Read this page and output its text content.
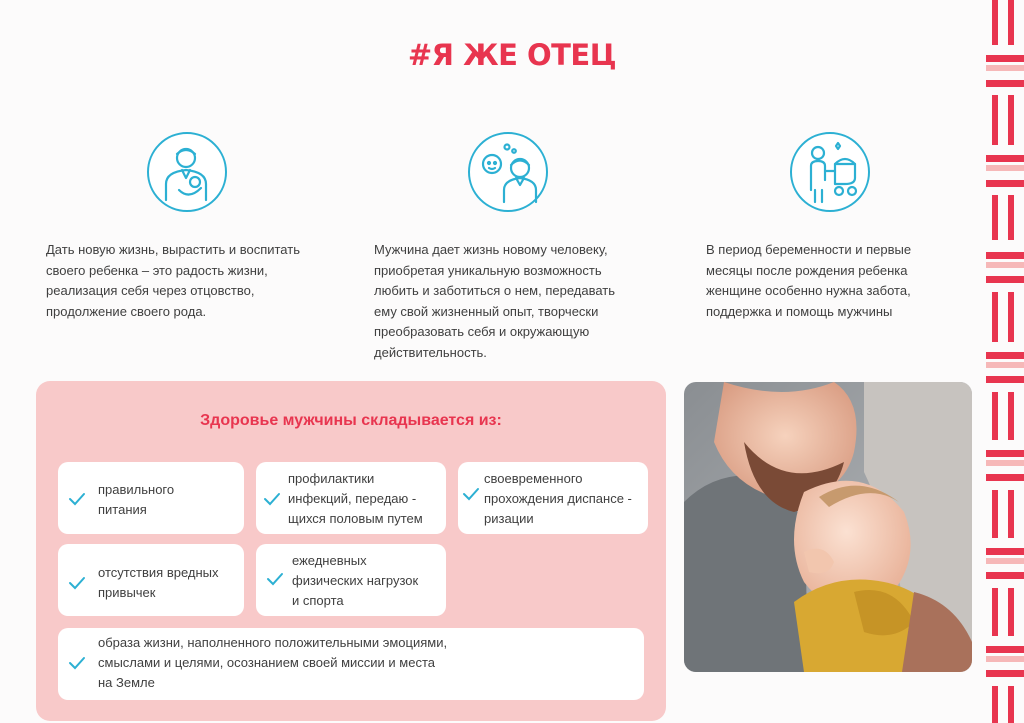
#Я ЖЕ ОТЕЦ
Дать новую жизнь, вырастить и воспитать
своего ребенка – это радость жизни,
реализация себя через отцовство,
продолжение своего рода.
Мужчина дает жизнь новому человеку,
приобретая уникальную возможность
любить и заботиться о нем, передавать
ему свой жизненный опыт, творчески
преобразовать себя и окружающую
действительность.
В период беременности и первые
месяцы после рождения ребенка
женщине особенно нужна забота,
поддержка и помощь мужчины
Здоровье мужчины складывается из:
правильного
питания
профилактики
инфекций, передаю -
щихся половым путем
своевременного
прохождения диспансе -
ризации
отсутствия вредных
привычек
ежедневных
физических нагрузок
и спорта
образа жизни, наполненного положительными эмоциями,
смыслами и целями, осознанием своей миссии и места
на Земле
